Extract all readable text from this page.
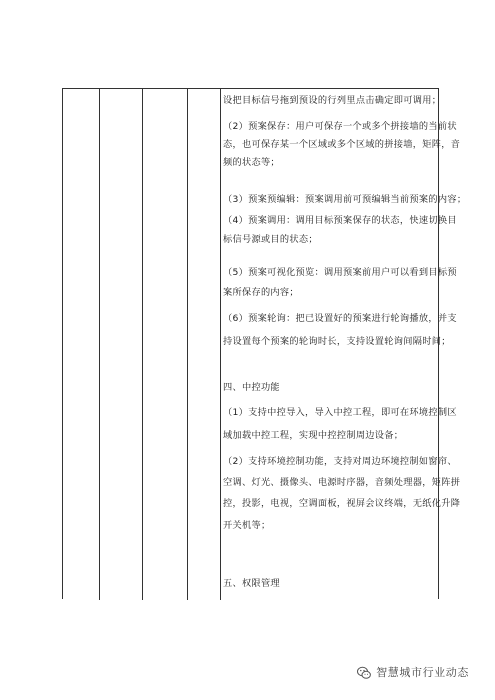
设把目标信号拖到预设的行列里点击确定即可调用；
（2）预案保存：用户可保存一个或多个拼接墙的当前状
态，也可保存某一个区域或多个区域的拼接墙，矩阵，音
频的状态等；
（3）预案预编辑：预案调用前可预编辑当前预案的内容；
（4）预案调用：调用目标预案保存的状态，快速切换目
标信号源或目的状态；
（5）预案可视化预览：调用预案前用户可以看到目标预
案所保存的内容；
（6）预案轮询：把已设置好的预案进行轮询播放，并支
持设置每个预案的轮询时长，支持设置轮询间隔时间；
四、中控功能
（1）支持中控导入，导入中控工程，即可在环境控制区
域加载中控工程，实现中控控制周边设备；
（2）支持环境控制功能，支持对周边环境控制如窗帘、
空调、灯光、摄像头、电源时序器，音频处理器，矩阵拼
控，投影，电视，空调面板，视屏会议终端，无纸化升降
开关机等；
五、权限管理
智慧城市行业动态
